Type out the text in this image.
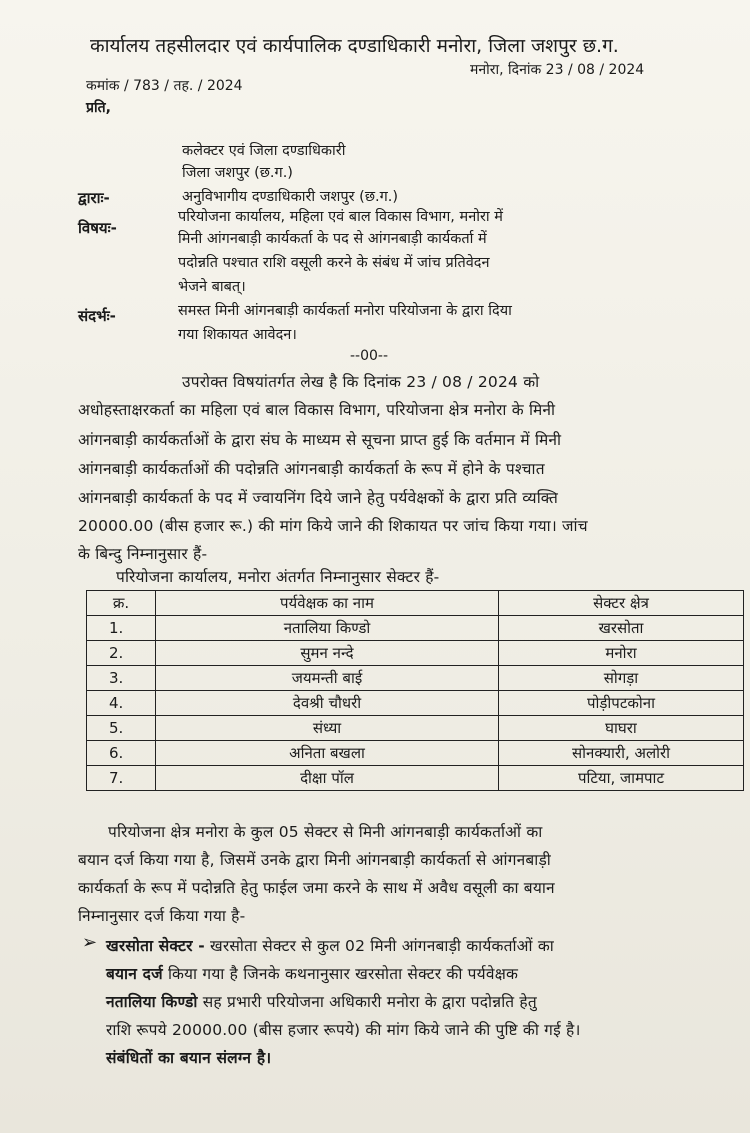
कार्यालय तहसीलदार एवं कार्यपालिक दण्डाधिकारी मनोरा, जिला जशपुर छ.ग.
कमांक / 783 / तह. / 2024
मनोरा, दिनांक 23 / 08 / 2024
प्रति,
कलेक्टर एवं जिला दण्डाधिकारी
जिला जशपुर (छ.ग.)
द्वाराः-	अनुविभागीय दण्डाधिकारी जशपुर (छ.ग.)
विषयः-
परियोजना कार्यालय, महिला एवं बाल विकास विभाग, मनोरा में
मिनी आंगनबाड़ी कार्यकर्ता के पद से आंगनबाड़ी कार्यकर्ता में
पदोन्नति पश्चात राशि वसूली करने के संबंध में जांच प्रतिवेदन
भेजने बाबत्।
संदर्भः-	समस्त मिनी आंगनबाड़ी कार्यकर्ता मनोरा परियोजना के द्वारा दिया
गया शिकायत आवेदन।
--00--
उपरोक्त विषयांतर्गत लेख है कि दिनांक 23 / 08 / 2024 को
अधोहस्ताक्षरकर्ता का महिला एवं बाल विकास विभाग, परियोजना क्षेत्र मनोरा के मिनी
आंगनबाड़ी कार्यकर्ताओं के द्वारा संघ के माध्यम से सूचना प्राप्त हुई कि वर्तमान में मिनी
आंगनबाड़ी कार्यकर्ताओं की पदोन्नति आंगनबाड़ी कार्यकर्ता के रूप में होने के पश्चात
आंगनबाड़ी कार्यकर्ता के पद में ज्वायनिंग दिये जाने हेतु पर्यवेक्षकों के द्वारा प्रति व्यक्ति
20000.00 (बीस हजार रू.) की मांग किये जाने की शिकायत पर जांच किया गया। जांच
के बिन्दु निम्नानुसार हैं-
परियोजना कार्यालय, मनोरा अंतर्गत निम्नानुसार सेक्टर हैं-
क्र.	पर्यवेक्षक का नाम	सेक्टर क्षेत्र
1.	नतालिया किण्डो	खरसोता
2.	सुमन नन्दे	मनोरा
3.	जयमन्ती बाई	सोगड़ा
4.	देवश्री चौधरी	पोड़ीपटकोना
5.	संध्या	घाघरा
6.	अनिता बखला	सोनक्यारी, अलोरी
7.	दीक्षा पॉल	पटिया, जामपाट
परियोजना क्षेत्र मनोरा के कुल 05 सेक्टर से मिनी आंगनबाड़ी कार्यकर्ताओं का
बयान दर्ज किया गया है, जिसमें उनके द्वारा मिनी आंगनबाड़ी कार्यकर्ता से आंगनबाड़ी
कार्यकर्ता के रूप में पदोन्नति हेतु फाईल जमा करने के साथ में अवैध वसूली का बयान
निम्नानुसार दर्ज किया गया है-
➢ खरसोता सेक्टर - खरसोता सेक्टर से कुल 02 मिनी आंगनबाड़ी कार्यकर्ताओं का
बयान दर्ज किया गया है जिनके कथनानुसार खरसोता सेक्टर की पर्यवेक्षक
नतालिया किण्डो सह प्रभारी परियोजना अधिकारी मनोरा के द्वारा पदोन्नति हेतु
राशि रूपये 20000.00 (बीस हजार रूपये) की मांग किये जाने की पुष्टि की गई है।
संबंधितों का बयान संलग्न है।
